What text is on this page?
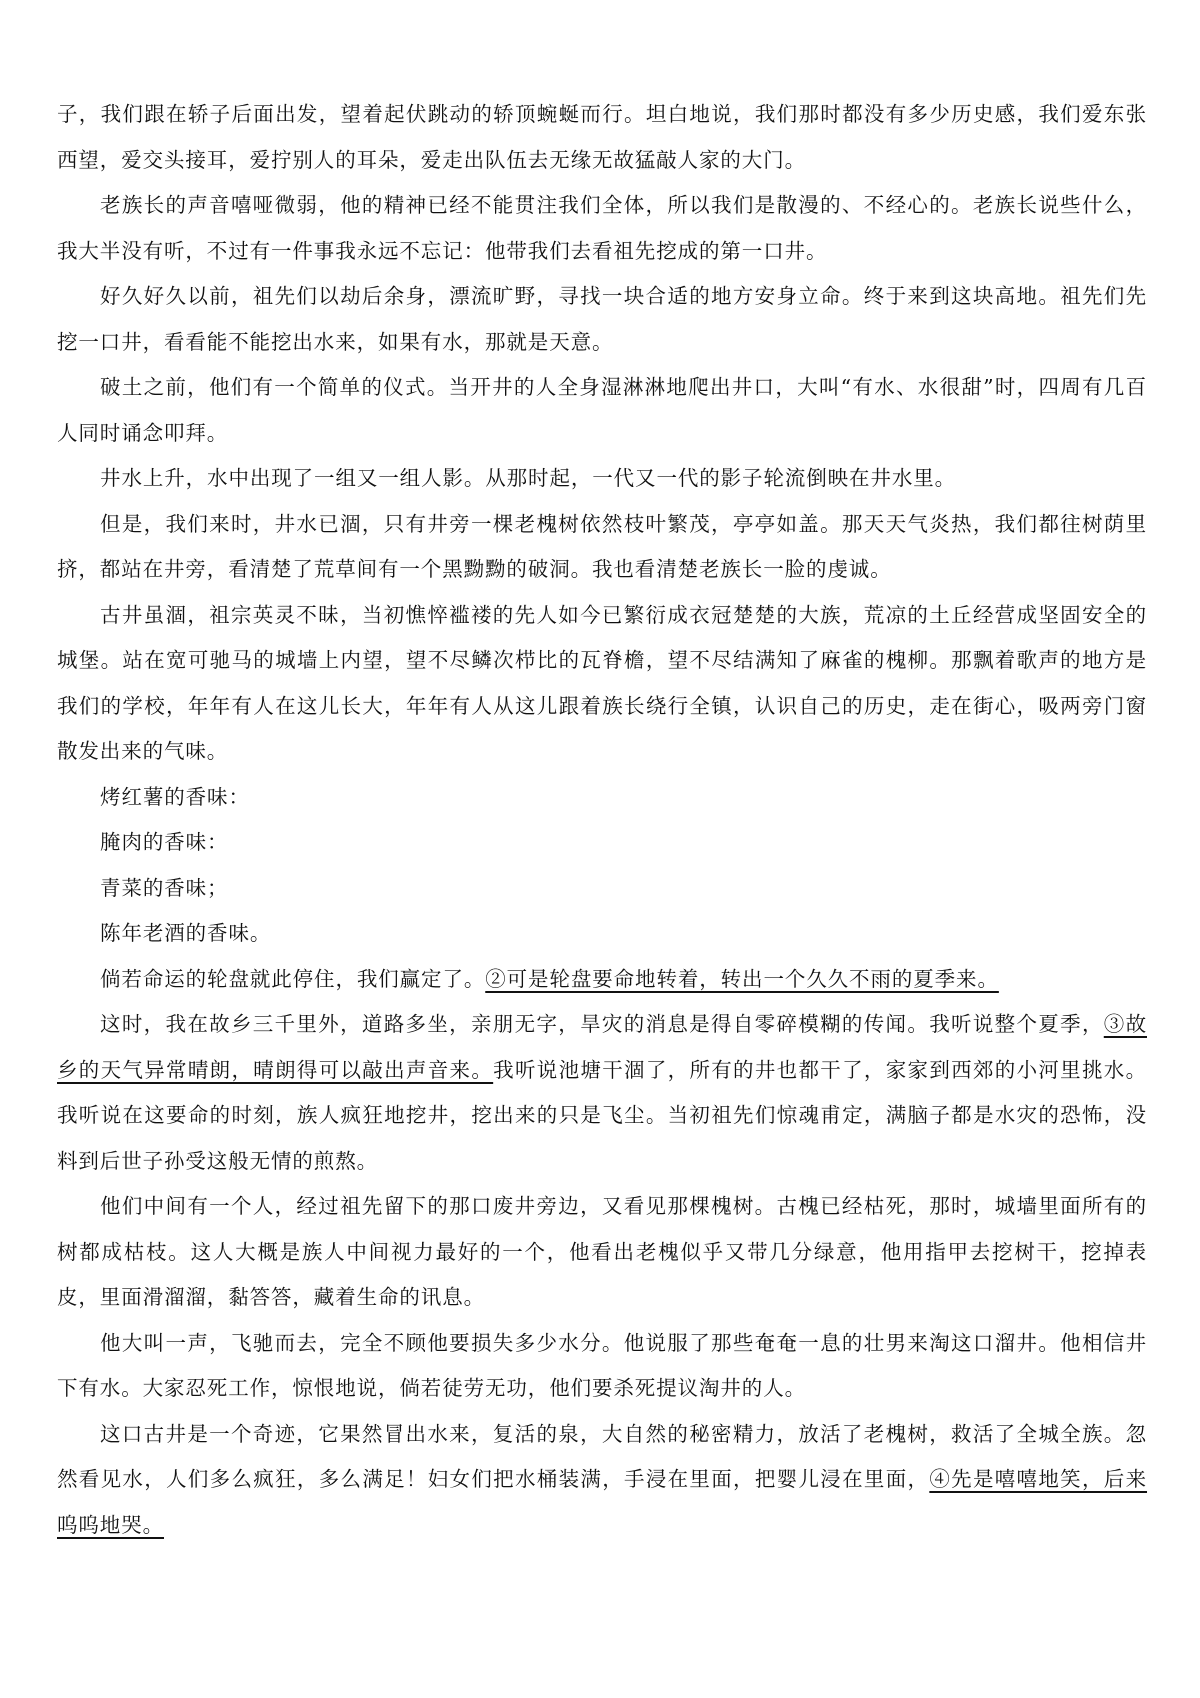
子，我们跟在轿子后面出发，望着起伏跳动的轿顶蜿蜒而行。坦白地说，我们那时都没有多少历史感，我们爱东张西望，爱交头接耳，爱拧别人的耳朵，爱走出队伍去无缘无故猛敲人家的大门。

老族长的声音嘻哑微弱，他的精神已经不能贯注我们全体，所以我们是散漫的、不经心的。老族长说些什么，我大半没有听，不过有一件事我永远不忘记：他带我们去看祖先挖成的第一口井。

好久好久以前，祖先们以劫后余身，漂流旷野，寻找一块合适的地方安身立命。终于来到这块高地。祖先们先挖一口井，看看能不能挖出水来，如果有水，那就是天意。

破土之前，他们有一个简单的仪式。当开井的人全身湿淋淋地爬出井口，大叫“有水、水很甜”时，四周有几百人同时诵念叩拜。

井水上升，水中出现了一组又一组人影。从那时起，一代又一代的影子轮流倒映在井水里。

但是，我们来时，井水已涸，只有井旁一棵老槐树依然枝叶繁茂，亭亭如盖。那天天气炎热，我们都往树荫里挤，都站在井旁，看清楚了荒草间有一个黑黝黝的破洞。我也看清楚老族长一脸的虔诚。

古井虽涸，祖宗英灵不昧，当初憔悴褴褛的先人如今已繁衍成衣冠楚楚的大族，荒凉的土丘经营成坚固安全的城堡。站在宽可驰马的城墙上内望，望不尽鳞次栉比的瓦脊檐，望不尽结满知了麻雀的槐柳。那飘着歌声的地方是我们的学校，年年有人在这儿长大，年年有人从这儿跟着族长绕行全镇，认识自己的历史，走在街心，吸两旁门窗散发出来的气味。

烤红薯的香味：

腌肉的香味：

青菜的香味；

陈年老酒的香味。

倘若命运的轮盘就此停住，我们赢定了。②可是轮盘要命地转着，转出一个久久不雨的夏季来。

这时，我在故乡三千里外，道路多坐，亲朋无字，旱灾的消息是得自零碎模糊的传闻。我听说整个夏季，③故乡的天气异常晴朗，晴朗得可以敲出声音来。我听说池塘干涸了，所有的井也都干了，家家到西郊的小河里挑水。我听说在这要命的时刻，族人疯狂地挖井，挖出来的只是飞尘。当初祖先们惊魂甫定，满脑子都是水灾的恐怖，没料到后世子孙受这般无情的煎熬。

他们中间有一个人，经过祖先留下的那口废井旁边，又看见那棵槐树。古槐已经枯死，那时，城墙里面所有的树都成枯枝。这人大概是族人中间视力最好的一个，他看出老槐似乎又带几分绿意，他用指甲去挖树干，挖掉表皮，里面滑溜溜，黏答答，藏着生命的讯息。

他大叫一声，飞驰而去，完全不顾他要损失多少水分。他说服了那些奄奄一息的壮男来淘这口溜井。他相信井下有水。大家忍死工作，惊恨地说，倘若徒劳无功，他们要杀死提议淘井的人。

这口古井是一个奇迹，它果然冒出水来，复活的泉，大自然的秘密精力，放活了老槐树，救活了全城全族。忽然看见水，人们多么疯狂，多么满足！妇女们把水桶装满，手浸在里面，把婴儿浸在里面，④先是嘻嘻地笑，后来呜呜地哭。
